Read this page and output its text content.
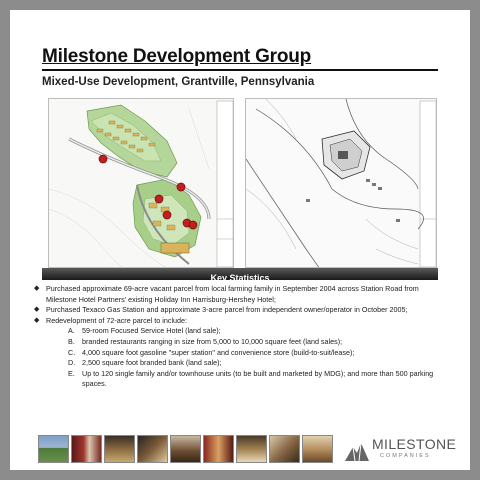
Milestone Development Group
Mixed-Use Development, Grantville, Pennsylvania
Key Statistics
◆ Purchased approximate 69-acre vacant parcel from local farming family in September 2004 across Station Road from Milestone Hotel Partners' existing Holiday Inn Harrisburg-Hershey Hotel;
◆ Purchased Texaco Gas Station and approximate 3-acre parcel from independent owner/operator in October 2005;
◆ Redevelopment of 72-acre parcel to include:
A. 59-room Focused Service Hotel (land sale);
B. branded restaurants ranging in size from 5,000 to 10,000 square feet (land sales);
C. 4,000 square foot gasoline "super station" and convenience store (build-to-suit/lease);
D. 2,500 square foot branded bank (land sale);
E. Up to 120 single family and/or townhouse units (to be built and marketed by MDG); and more than 500 parking spaces.
MILESTONE
COMPANIES
